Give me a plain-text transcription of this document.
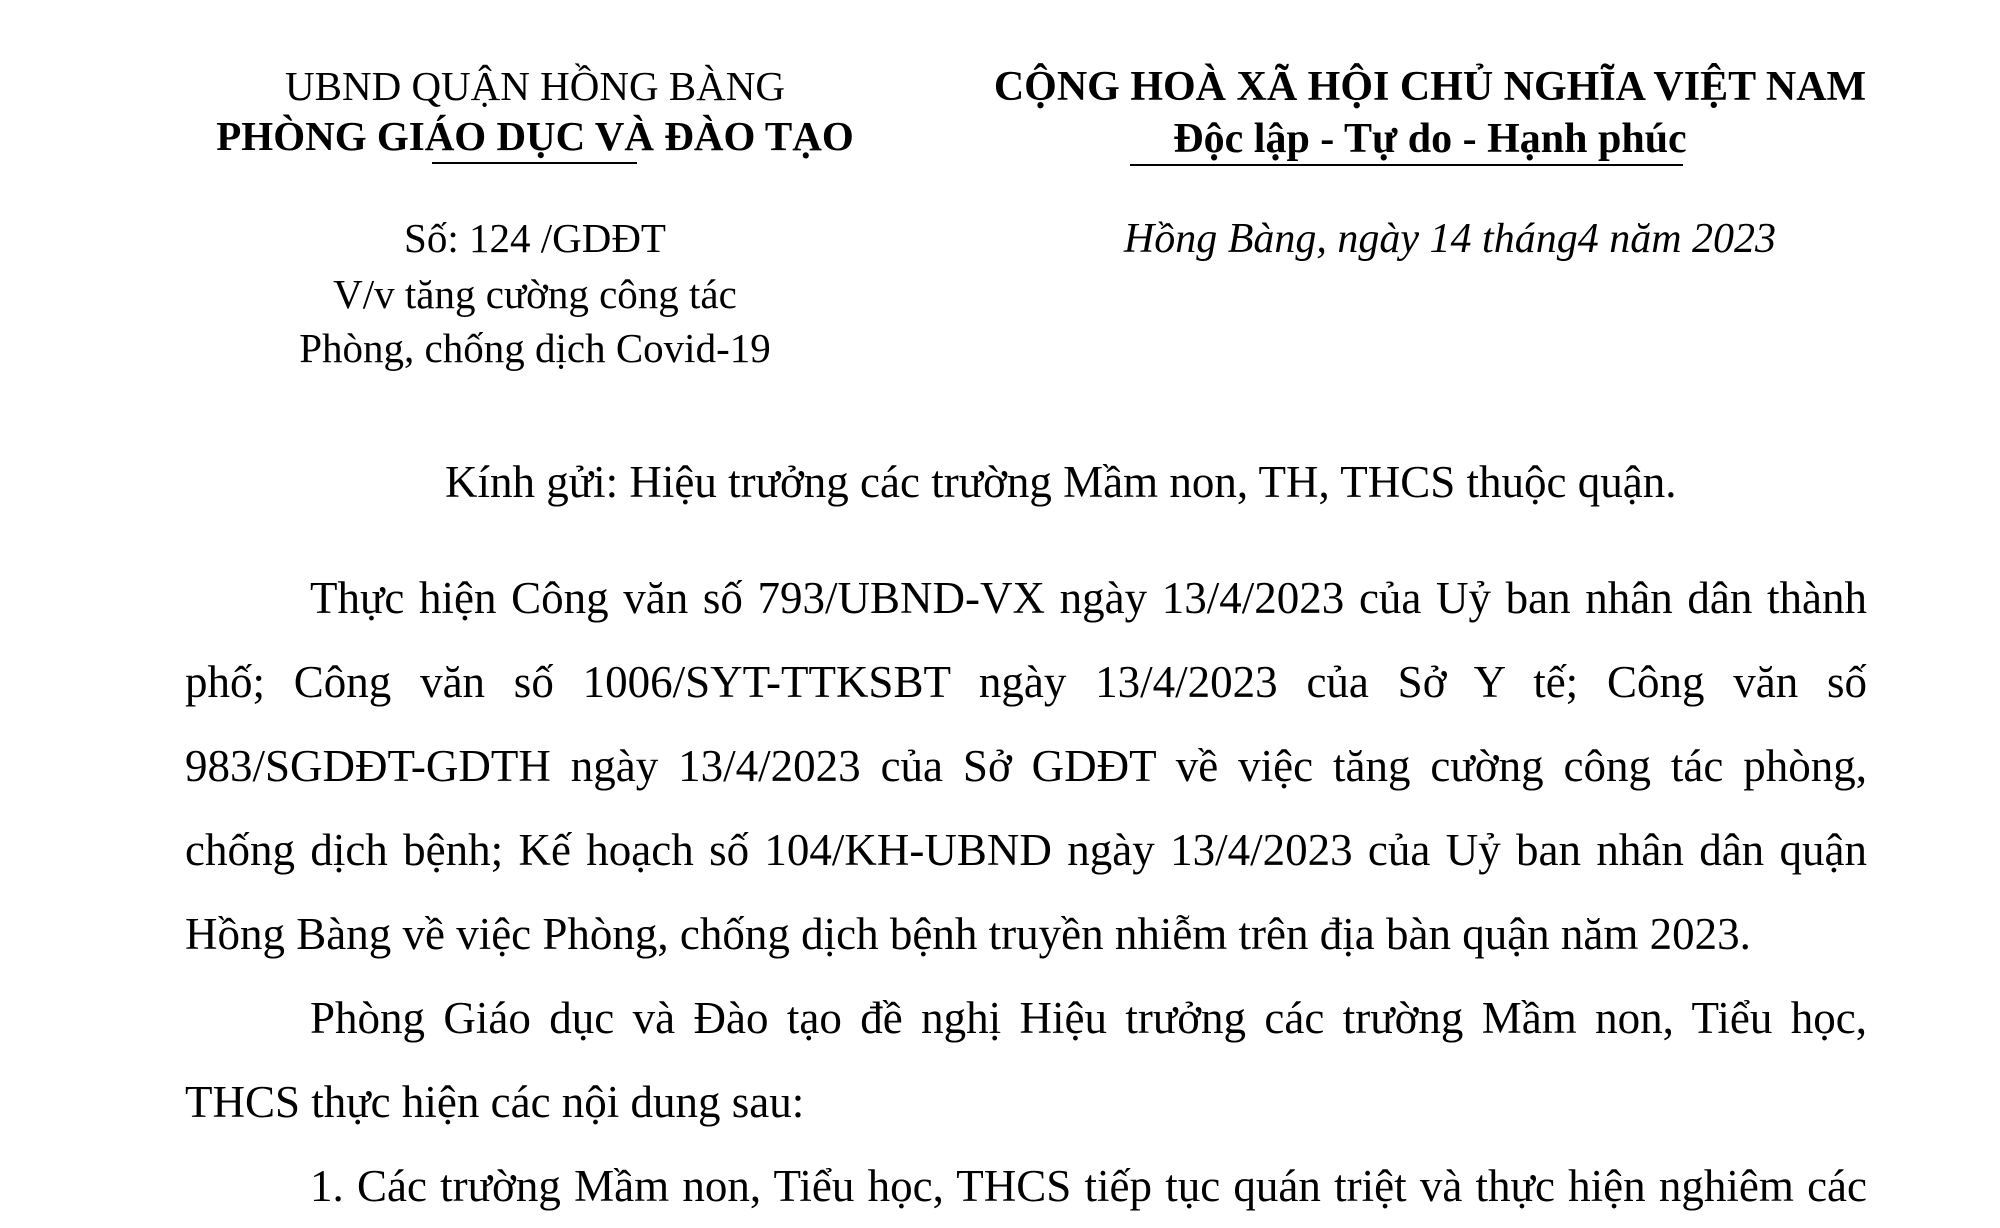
UBND QUẬN HỒNG BÀNG
PHÒNG GIÁO DỤC VÀ ĐÀO TẠO
CỘNG HOÀ XÃ HỘI CHỦ NGHĨA VIỆT NAM
Độc lập - Tự do - Hạnh phúc
Số: 124 /GDĐT
V/v tăng cường công tác
Phòng, chống dịch Covid-19
Hồng Bàng, ngày 14 tháng4 năm 2023
Kính gửi: Hiệu trưởng các trường Mầm non, TH, THCS thuộc quận.

Thực hiện Công văn số 793/UBND-VX ngày 13/4/2023 của Uỷ ban nhân dân thành phố; Công văn số 1006/SYT-TTKSBT ngày 13/4/2023 của Sở Y tế; Công văn số 983/SGDĐT-GDTH ngày 13/4/2023 của Sở GDĐT về việc tăng cường công tác phòng, chống dịch bệnh; Kế hoạch số 104/KH-UBND ngày 13/4/2023 của Uỷ ban nhân dân quận Hồng Bàng về việc Phòng, chống dịch bệnh truyền nhiễm trên địa bàn quận năm 2023.

Phòng Giáo dục và Đào tạo đề nghị Hiệu trưởng các trường Mầm non, Tiểu học, THCS thực hiện các nội dung sau:

1. Các trường Mầm non, Tiểu học, THCS tiếp tục quán triệt và thực hiện nghiêm các
